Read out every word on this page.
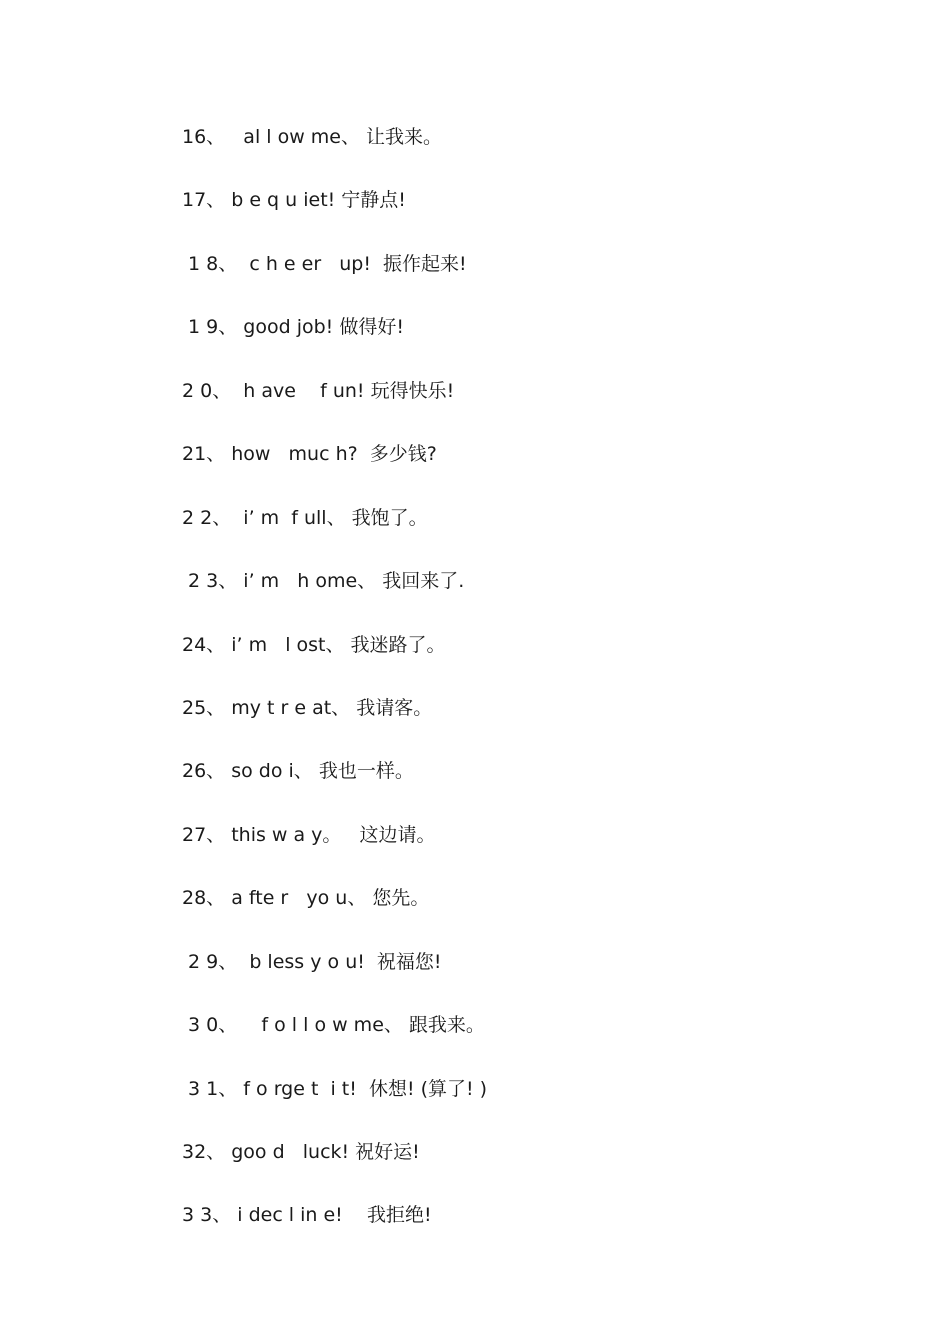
16、   al l ow me、 让我来。
17、 b e q u iet! 宁静点!
1 8、  c h e er   up!  振作起来!
1 9、 good job! 做得好!
2 0、  h ave    f un! 玩得快乐!
21、 how   muc h?  多少钱?
2 2、  i’ m  f ull、 我饱了。
2 3、 i’ m   h ome、 我回来了.
24、 i’ m   l ost、 我迷路了。
25、 my t r e at、 我请客。
26、 so do i、 我也一样。
27、 this w a y。   这边请。
28、 a fte r   yo u、 您先。
2 9、  b less y o u!  祝福您!
3 0、    f o l l o w me、 跟我来。
3 1、 f o rge t  i t!  休想! (算了! )
32、 goo d   luck! 祝好运!
3 3、 i dec l in e!    我拒绝!
